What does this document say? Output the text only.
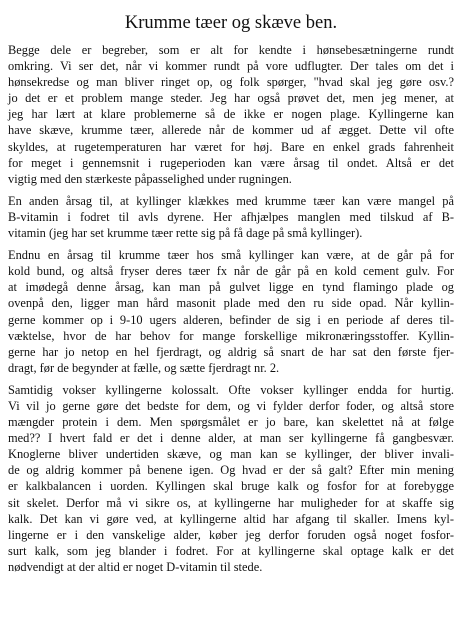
Krumme tæer og skæve ben.
Begge dele er begreber, som er alt for kendte i hønsebesætningerne rundt
omkring. Vi ser det, når vi kommer rundt på vore udflugter. Der tales om det i
hønsekredse og man bliver ringet op, og folk spørger, "hvad skal jeg gøre osv.?
jo det er et problem mange steder. Jeg har også prøvet det, men jeg mener, at
jeg har lært at klare problemerne så de ikke er nogen plage. Kyllingerne kan
have skæve, krumme tæer, allerede når de kommer ud af ægget. Dette vil ofte
skyldes, at rugetemperaturen har været for høj. Bare en enkel grads fahrenheit
for meget i gennemsnit i rugeperioden kan være årsag til ondet. Altså er det
vigtig med den stærkeste påpasselighed under rugningen.
En anden årsag til, at kyllinger klækkes med krumme tæer kan være mangel på
B-vitamin i fodret til avls dyrene. Her afhjælpes manglen med tilskud af B-
vitamin (jeg har set krumme tæer rette sig på få dage på små kyllinger).
Endnu en årsag til krumme tæer hos små kyllinger kan være, at de går på for
kold bund, og altså fryser deres tæer fx når de går på en kold cement gulv. For
at imødegå denne årsag, kan man på gulvet ligge en tynd flamingo plade og
ovenpå den, ligger man hård masonit plade med den ru side opad. Når kyllin-
gerne kommer op i 9-10 ugers alderen, befinder de sig i en periode af deres til-
væktelse, hvor de har behov for mange forskellige mikronæringsstoffer. Kyllin-
gerne har jo netop en hel fjerdragt, og aldrig så snart de har sat den første fjer-
dragt, før de begynder at fælle, og sætte fjerdragt nr. 2.
Samtidig vokser kyllingerne kolossalt. Ofte vokser kyllinger endda for hurtig.
Vi vil jo gerne gøre det bedste for dem, og vi fylder derfor foder, og altså store
mængder protein i dem. Men spørgsmålet er jo bare, kan skelettet nå at følge
med?? I hvert fald er det i denne alder, at man ser kyllingerne få gangbesvær.
Knoglerne bliver undertiden skæve, og man kan se kyllinger, der bliver invali-
de og aldrig kommer på benene igen. Og hvad er der så galt? Efter min mening
er kalkbalancen i uorden. Kyllingen skal bruge kalk og fosfor for at forebygge
sit skelet. Derfor må vi sikre os, at kyllingerne har muligheder for at skaffe sig
kalk. Det kan vi gøre ved, at kyllingerne altid har afgang til skaller. Imens kyl-
lingerne er i den vanskelige alder, køber jeg derfor foruden også noget fosfor-
surt kalk, som jeg blander i fodret. For at kyllingerne skal optage kalk er det
nødvendigt at der altid er noget D-vitamin til stede.
